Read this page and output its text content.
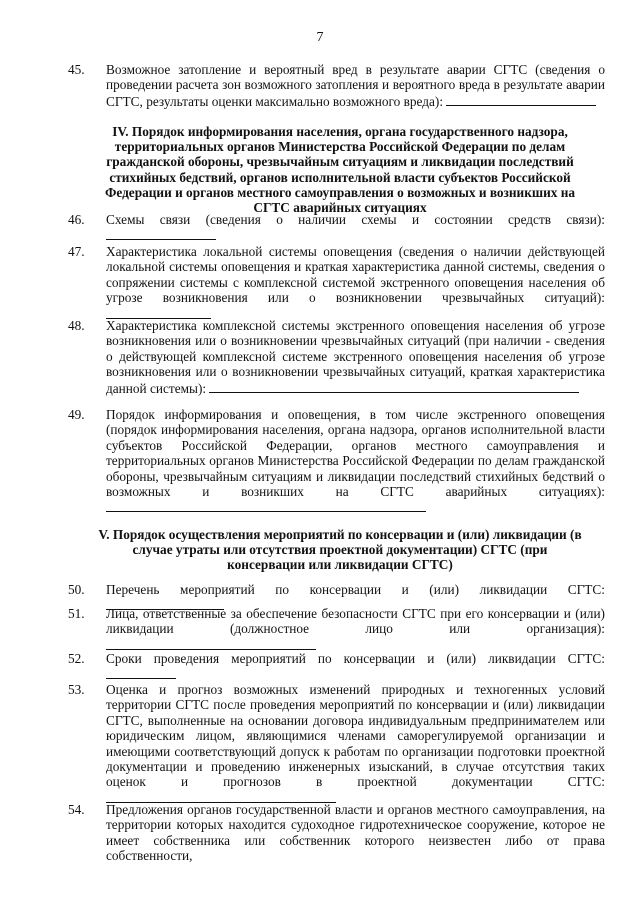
7
45.	Возможное затопление и вероятный вред в результате аварии СГТС (сведения о проведении расчета зон возможного затопления и вероятного вреда в результате аварии СГТС, результаты оценки максимально возможного вреда):
IV. Порядок информирования населения, органа государственного надзора, территориальных органов Министерства Российской Федерации по делам гражданской обороны, чрезвычайным ситуациям и ликвидации последствий стихийных бедствий, органов исполнительной власти субъектов Российской Федерации и органов местного самоуправления о возможных и возникших на СГТС аварийных ситуациях
46.	Схемы связи (сведения о наличии схемы и состоянии средств связи):
47.	Характеристика локальной системы оповещения (сведения о наличии действующей локальной системы оповещения и краткая характеристика данной системы, сведения о сопряжении системы с комплексной системой экстренного оповещения населения об угрозе возникновения или о возникновении чрезвычайных ситуаций):
48.	Характеристика комплексной системы экстренного оповещения населения об угрозе возникновения или о возникновении чрезвычайных ситуаций (при наличии - сведения о действующей комплексной системе экстренного оповещения населения об угрозе возникновения или о возникновении чрезвычайных ситуаций, краткая характеристика данной системы):
49.	Порядок информирования и оповещения, в том числе экстренного оповещения (порядок информирования населения, органа надзора, органов исполнительной власти субъектов Российской Федерации, органов местного самоуправления и территориальных органов Министерства Российской Федерации по делам гражданской обороны, чрезвычайным ситуациям и ликвидации последствий стихийных бедствий о возможных и возникших на СГТС аварийных ситуациях):
V. Порядок осуществления мероприятий по консервации и (или) ликвидации (в случае утраты или отсутствия проектной документации) СГТС (при консервации или ликвидации СГТС)
50.	Перечень мероприятий по консервации и (или) ликвидации СГТС:
51.	Лица, ответственные за обеспечение безопасности СГТС при его консервации и (или) ликвидации (должностное лицо или организация):
52.	Сроки проведения мероприятий по консервации и (или) ликвидации СГТС:
53.	Оценка и прогноз возможных изменений природных и техногенных условий территории СГТС после проведения мероприятий по консервации и (или) ликвидации СГТС, выполненные на основании договора индивидуальным предпринимателем или юридическим лицом, являющимися членами саморегулируемой организации и имеющими соответствующий допуск к работам по организации подготовки проектной документации и проведению инженерных изысканий, в случае отсутствия таких оценок и прогнозов в проектной документации СГТС:
54.	Предложения органов государственной власти и органов местного самоуправления, на территории которых находится судоходное гидротехническое сооружение, которое не имеет собственника или собственник которого неизвестен либо от права собственности,
